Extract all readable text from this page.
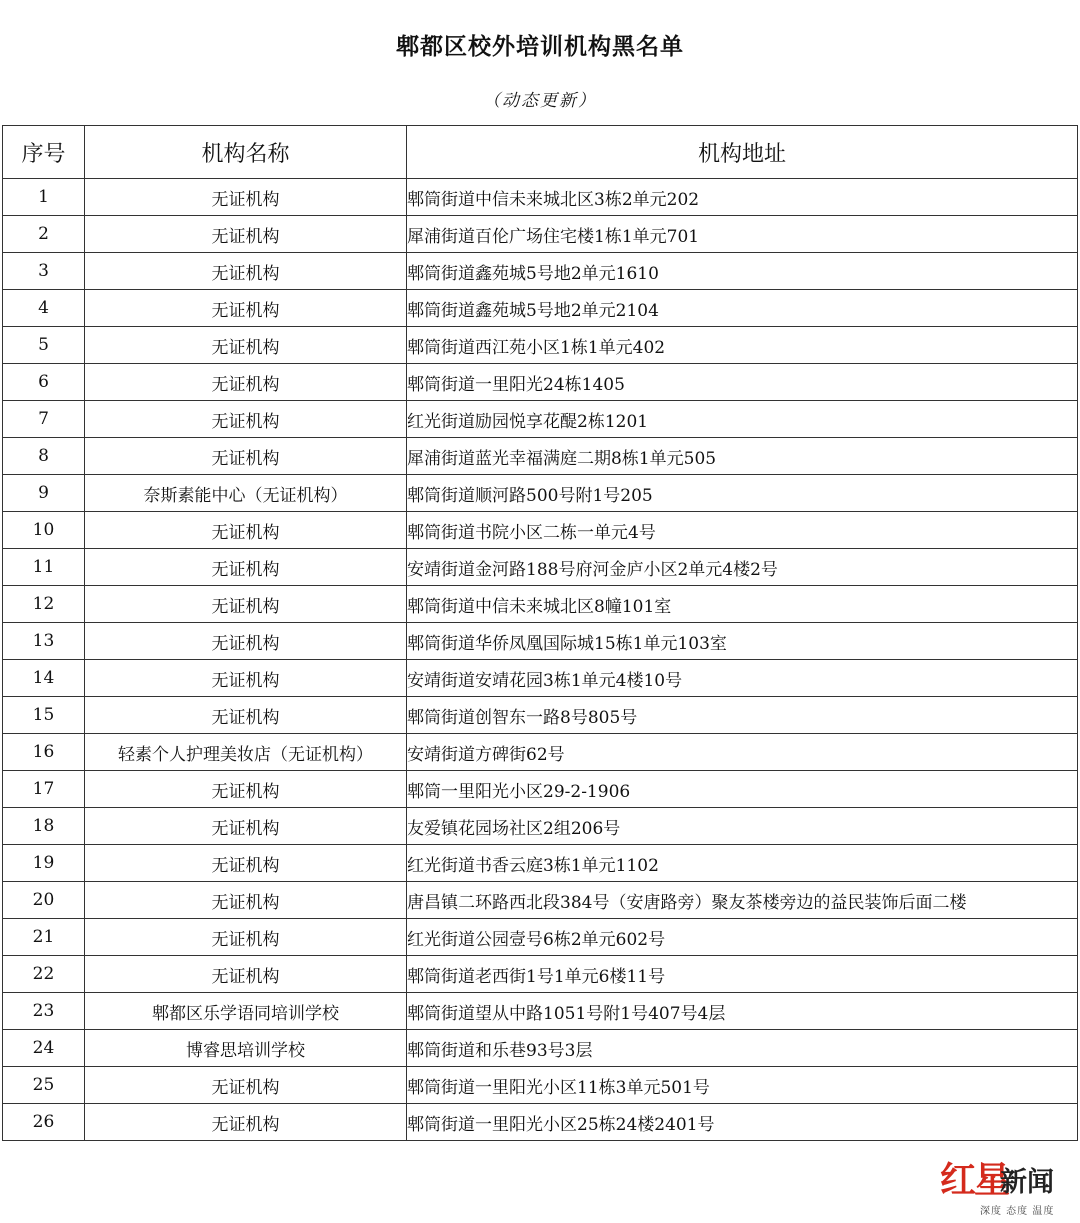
郫都区校外培训机构黑名单
（动态更新）
序号	机构名称	机构地址
1	无证机构	郫筒街道中信未来城北区3栋2单元202
2	无证机构	犀浦街道百伦广场住宅楼1栋1单元701
3	无证机构	郫筒街道鑫苑城5号地2单元1610
4	无证机构	郫筒街道鑫苑城5号地2单元2104
5	无证机构	郫筒街道西江苑小区1栋1单元402
6	无证机构	郫筒街道一里阳光24栋1405
7	无证机构	红光街道励园悦享花醍2栋1201
8	无证机构	犀浦街道蓝光幸福满庭二期8栋1单元505
9	奈斯素能中心（无证机构）	郫筒街道顺河路500号附1号205
10	无证机构	郫筒街道书院小区二栋一单元4号
11	无证机构	安靖街道金河路188号府河金庐小区2单元4楼2号
12	无证机构	郫筒街道中信未来城北区8幢101室
13	无证机构	郫筒街道华侨凤凰国际城15栋1单元103室
14	无证机构	安靖街道安靖花园3栋1单元4楼10号
15	无证机构	郫筒街道创智东一路8号805号
16	轻素个人护理美妆店（无证机构）	安靖街道方碑街62号
17	无证机构	郫筒一里阳光小区29-2-1906
18	无证机构	友爱镇花园场社区2组206号
19	无证机构	红光街道书香云庭3栋1单元1102
20	无证机构	唐昌镇二环路西北段384号（安唐路旁）聚友茶楼旁边的益民装饰后面二楼
21	无证机构	红光街道公园壹号6栋2单元602号
22	无证机构	郫筒街道老西街1号1单元6楼11号
23	郫都区乐学语同培训学校	郫筒街道望从中路1051号附1号407号4层
24	博睿思培训学校	郫筒街道和乐巷93号3层
25	无证机构	郫筒街道一里阳光小区11栋3单元501号
26	无证机构	郫筒街道一里阳光小区25栋24楼2401号
红星
新闻
深度 态度 温度
